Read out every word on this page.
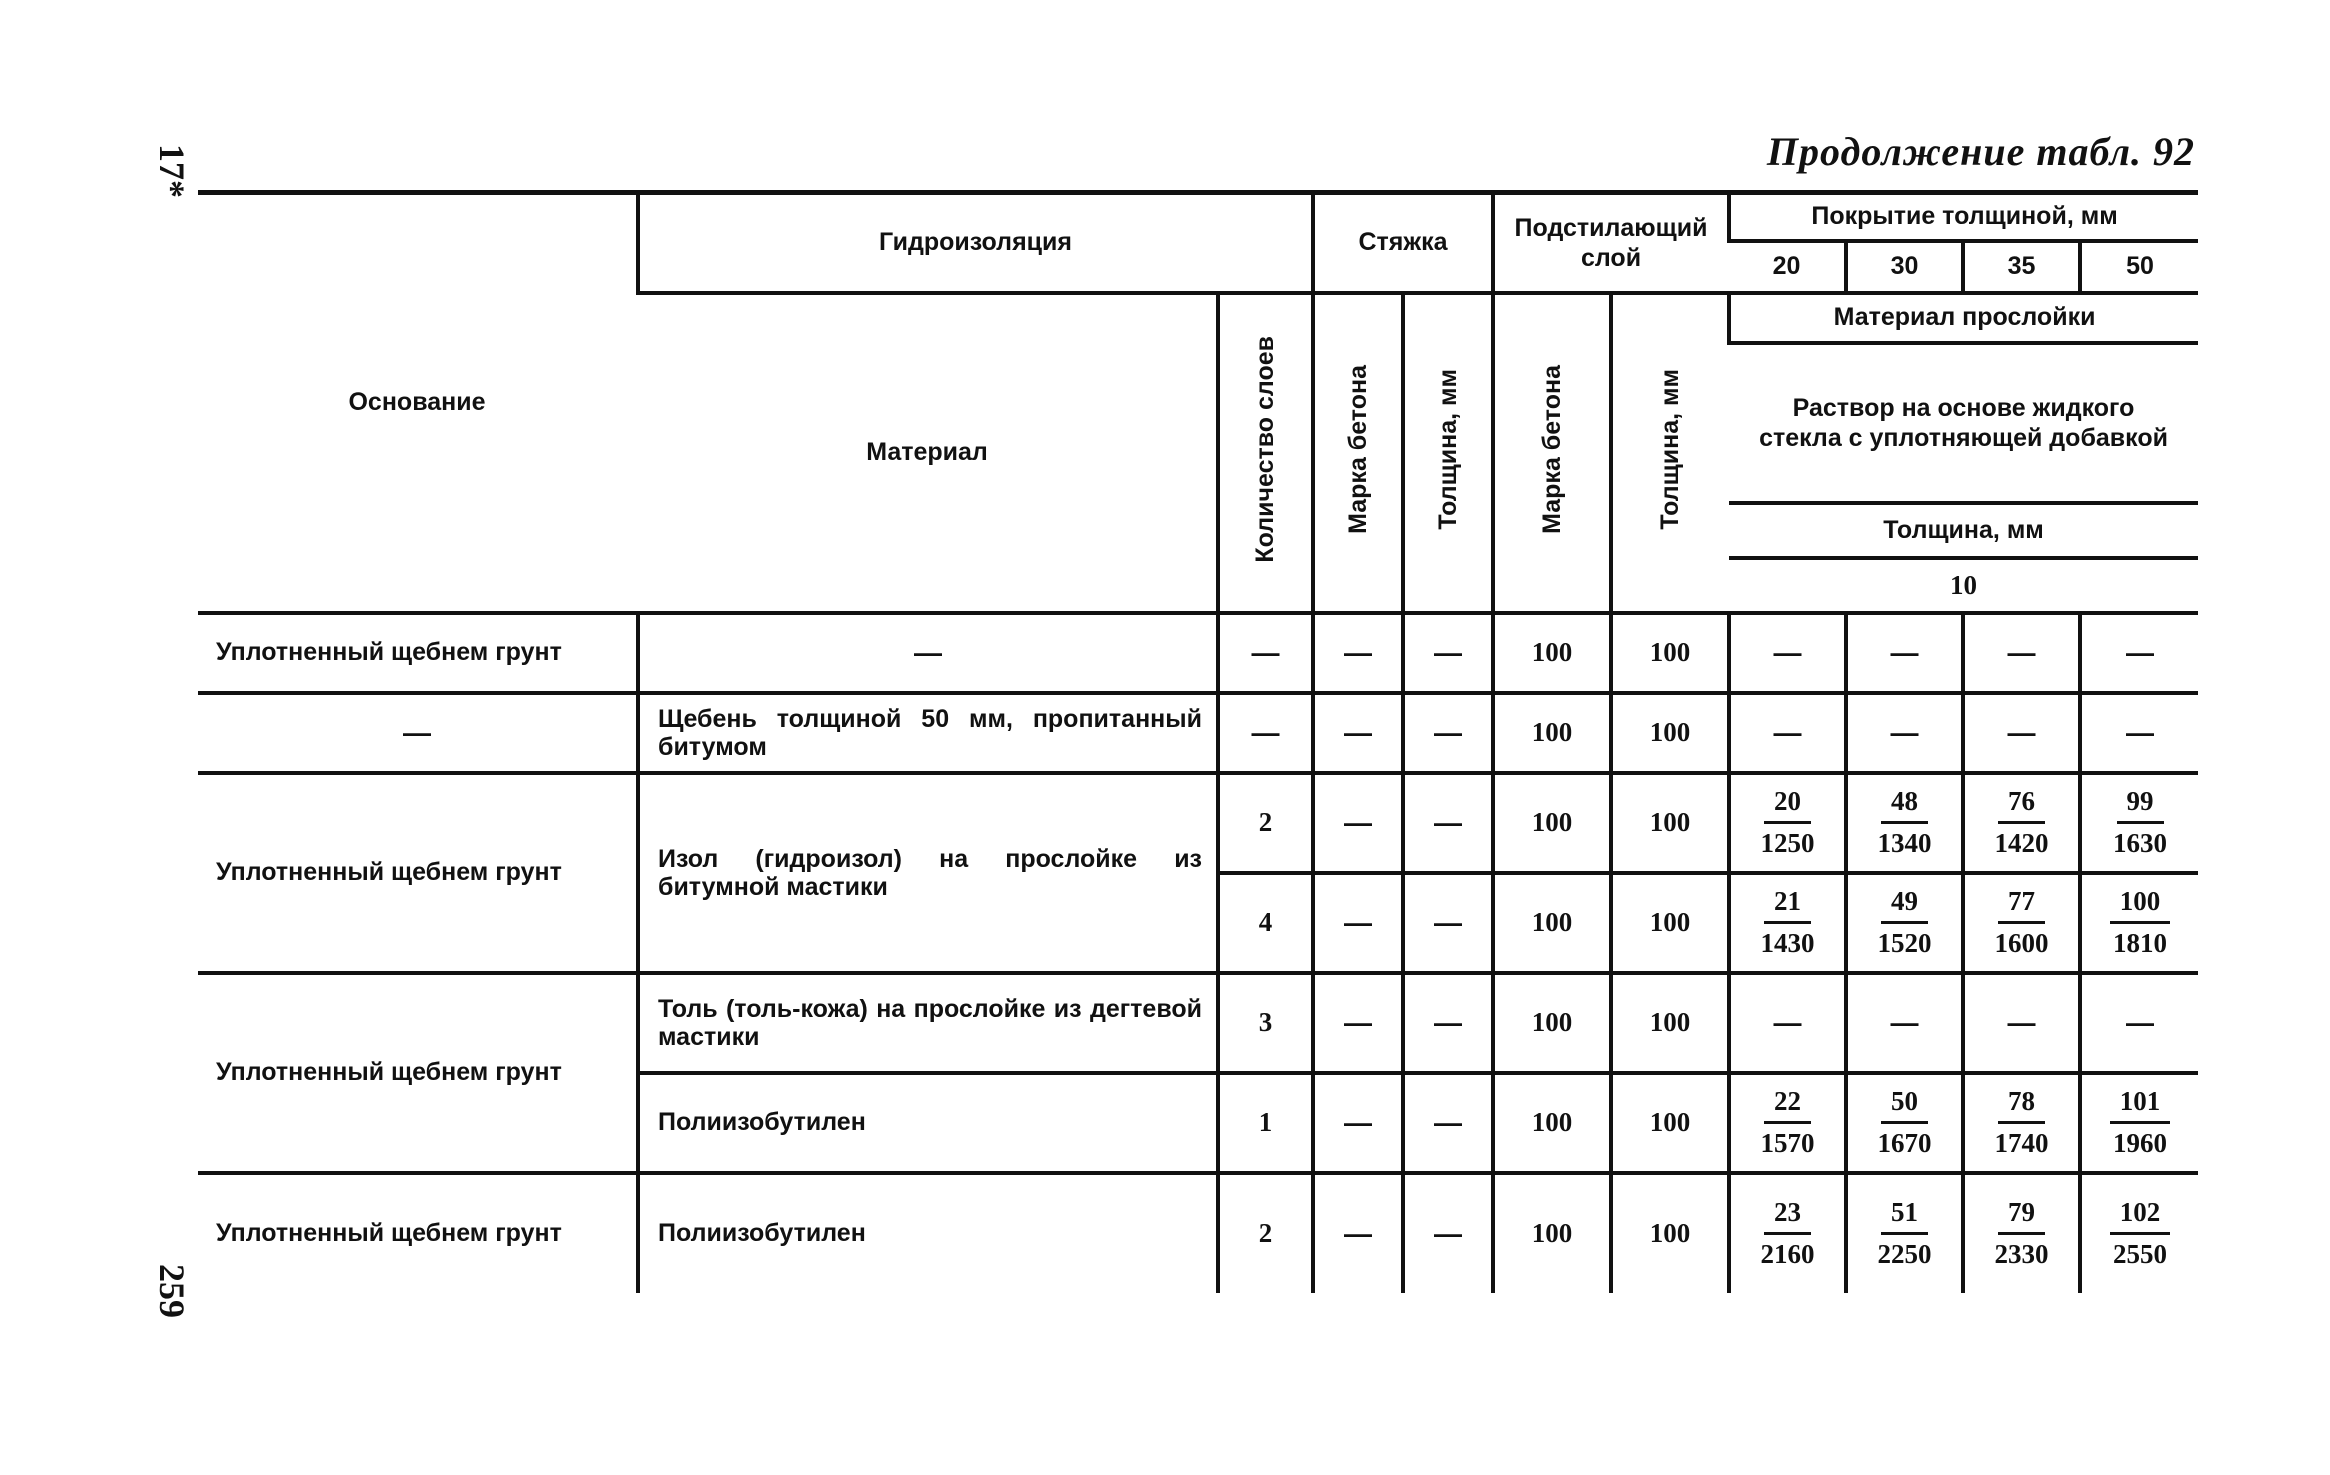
17*
259
Продолжение табл. 92
Основание	Гидроизоляция		Стяжка		Подстилающий слой		Покрытие толщиной, мм			
							20	30	35	50
	Материал	Количество слоев	Марка бетона	Толщина, мм	Марка бетона	Толщина, мм	Материал прослойки			
							Раствор на основе жидкого стекла с уплотняющей добавкой			
							Толщина, мм			
							10			
Уплотненный щебнем грунт	—	—	—	—	100	100	—	—	—	—
—	Щебень толщиной 50 мм, пропитанный битумом	—	—	—	100	100	—	—	—	—
Уплотненный щебнем грунт	Изол (гидроизол) на прослойке из битумной мастики	2	—	—	100	100	$\frac{20}{1250}$	$\frac{48}{1340}$	$\frac{76}{1420}$	$\frac{99}{1630}$

		4	—	—	100	100	$\frac{21}{1430}$	$\frac{49}{1520}$	$\frac{77}{1600}$	$\frac{100}{1810}$

Уплотненный щебнем грунт	Толь (толь-кожа) на прослойке из дегтевой мастики	3	—	—	100	100	—	—	—	—
	Полиизобутилен	1	—	—	100	100	$\frac{22}{1570}$	$\frac{50}{1670}$	$\frac{78}{1740}$	$\frac{101}{1960}$

Уплотненный щебнем грунт	Полиизобутилен	2	—	—	100	100	$\frac{23}{2160}$	$\frac{51}{2250}$	$\frac{79}{2330}$	$\frac{102}{2550}$
